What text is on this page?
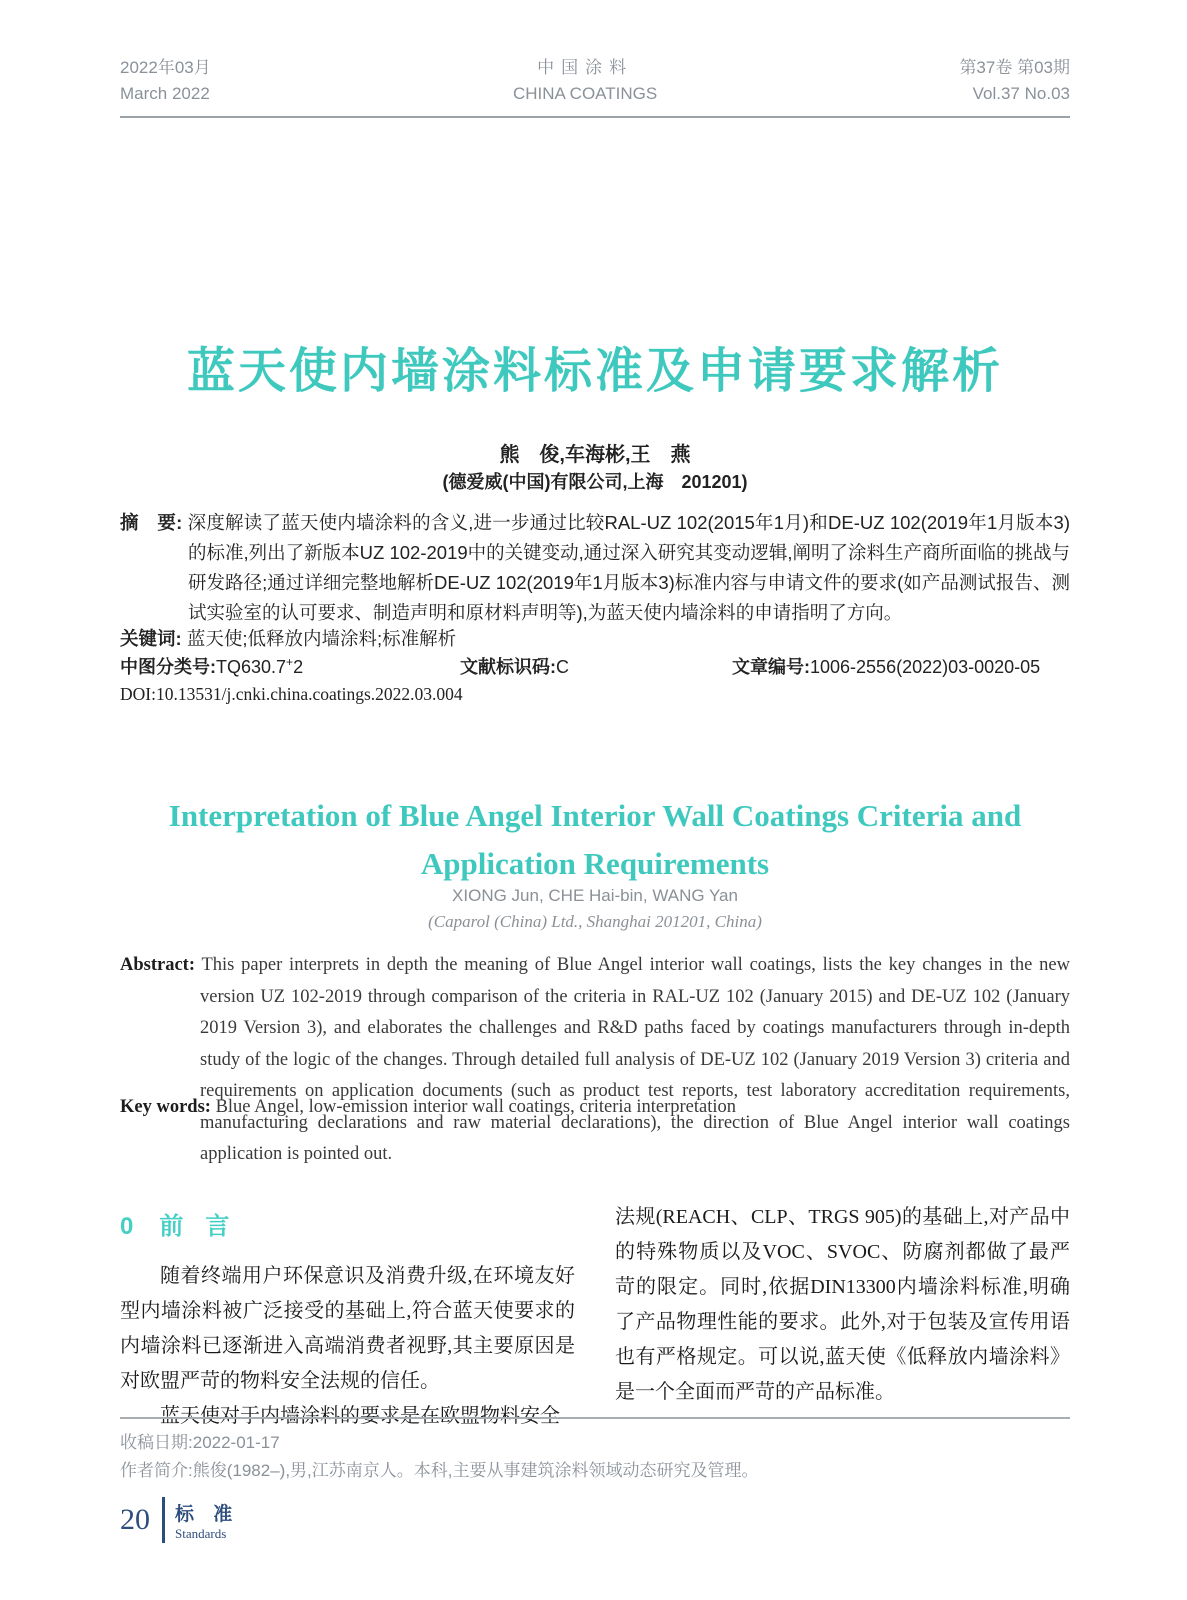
2022年03月
March 2022
中国涂料
CHINA COATINGS
第37卷 第03期
Vol.37 No.03
蓝天使内墙涂料标准及申请要求解析
熊　俊,车海彬,王　燕
(德爱威(中国)有限公司,上海　201201)
摘　要: 深度解读了蓝天使内墙涂料的含义,进一步通过比较RAL-UZ 102(2015年1月)和DE-UZ 102(2019年1月版本3)的标准,列出了新版本UZ 102-2019中的关键变动,通过深入研究其变动逻辑,阐明了涂料生产商所面临的挑战与研发路径;通过详细完整地解析DE-UZ 102(2019年1月版本3)标准内容与申请文件的要求(如产品测试报告、测试实验室的认可要求、制造声明和原材料声明等),为蓝天使内墙涂料的申请指明了方向。
关键词: 蓝天使;低释放内墙涂料;标准解析
中图分类号:TQ630.7+2	文献标识码:C	文章编号:1006-2556(2022)03-0020-05
DOI:10.13531/j.cnki.china.coatings.2022.03.004
Interpretation of Blue Angel Interior Wall Coatings Criteria and Application Requirements
XIONG Jun, CHE Hai-bin, WANG Yan
(Caparol (China) Ltd., Shanghai 201201, China)
Abstract: This paper interprets in depth the meaning of Blue Angel interior wall coatings, lists the key changes in the new version UZ 102-2019 through comparison of the criteria in RAL-UZ 102 (January 2015) and DE-UZ 102 (January 2019 Version 3), and elaborates the challenges and R&D paths faced by coatings manufacturers through in-depth study of the logic of the changes. Through detailed full analysis of DE-UZ 102 (January 2019 Version 3) criteria and requirements on application documents (such as product test reports, test laboratory accreditation requirements, manufacturing declarations and raw material declarations), the direction of Blue Angel interior wall coatings application is pointed out.
Key words: Blue Angel, low-emission interior wall coatings, criteria interpretation
0 前言

随着终端用户环保意识及消费升级,在环境友好型内墙涂料被广泛接受的基础上,符合蓝天使要求的内墙涂料已逐渐进入高端消费者视野,其主要原因是对欧盟严苛的物料安全法规的信任。

蓝天使对于内墙涂料的要求是在欧盟物料安全

法规(REACH、CLP、TRGS 905)的基础上,对产品中的特殊物质以及VOC、SVOC、防腐剂都做了最严苛的限定。同时,依据DIN13300内墙涂料标准,明确了产品物理性能的要求。此外,对于包装及宣传用语也有严格规定。可以说,蓝天使《低释放内墙涂料》是一个全面而严苛的产品标准。

收稿日期:2022-01-17
作者简介:熊俊(1982–),男,江苏南京人。本科,主要从事建筑涂料领域动态研究及管理。
20 标 准
Standards
